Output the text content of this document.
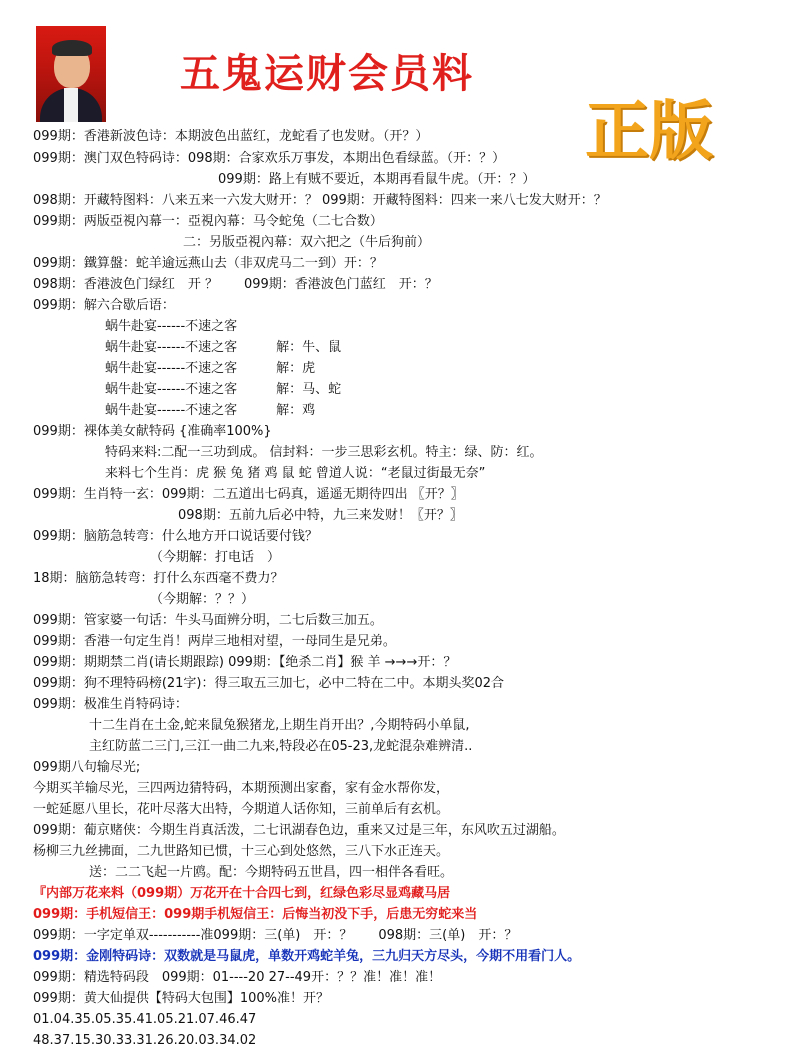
五鬼运财会员料
正版
099期：香港新波色诗：本期波色出蓝红，龙蛇看了也发财。（开？）
099期：澳门双色特码诗：098期：合家欢乐万事发，本期出色看绿蓝。（开：？）
099期：路上有贼不要近，本期再看鼠牛虎。（开：？）
098期：开藏特图料：八来五来一六发大财开：？ 099期：开藏特图料：四来一来八七发大财开：？
099期：两版亞視內幕一：亞視內幕：马令蛇兔（二七合数）
二：另版亞視內幕：双六把之（牛后狗前）
099期：鐵算盤：蛇羊逾远燕山去（非双虎马二一到）开：？
098期：香港波色门绿红　开 ？　　099期：香港波色门蓝红　开：？
099期：解六合歇后语：
蜗牛赴宴------不速之客
蜗牛赴宴------不速之客　　　解：牛、鼠
蜗牛赴宴------不速之客　　　解：虎
蜗牛赴宴------不速之客　　　解：马、蛇
蜗牛赴宴------不速之客　　　解：鸡
099期：裸体美女献特码 {准确率100%}
特码来料:二配一三功到成。 信封料：一步三思彩玄机。特主：绿、防：红。
来料七个生肖：虎 猴 兔 猪 鸡 鼠 蛇 曾道人说：“老鼠过街最无奈”
099期：生肖特一玄：099期：二五道出七码真，遥遥无期待四出 〖开？〗
098期：五前九后必中特，九三来发财！〖开？〗
099期：脑筋急转弯：什么地方开口说话要付钱？
（今期解：打电话　）
18期：脑筋急转弯：打什么东西毫不费力？
（今期解：？？）
099期：管家婆一句话：牛头马面辨分明，二七后数三加五。
099期：香港一句定生肖！两岸三地相对望，一母同生是兄弟。
099期：期期禁二肖(请长期跟踪) 099期：【绝杀二肖】猴 羊 →→→开：？
099期：狗不理特码榜(21字)：得三取五三加七，必中二特在二中。本期头奖02合
099期：极准生肖特码诗：
十二生肖在土金,蛇来鼠兔猴猪龙,上期生肖开出？,今期特码小单鼠,
主红防蓝二三门,三江一曲二九来,特段必在05-23,龙蛇混杂难辨清..
099期八句输尽光;
今期买羊输尽光，三四两边猜特码，本期预测出家畜，家有金水帮你发，
一蛇延愿八里长，花叶尽落大出特，今期道人话你知，三前单后有玄机。
099期：葡京赌侠：今期生肖真活泼，二七讯湖春色边，重来又过是三年，东风吹五过湖船。
杨柳三九丝拂面，二九世路知已惯，十三心到处悠然，三八下水正连天。
送：二二飞起一片鸥。配：今期特码五世昌，四一相伴各看旺。
『内部万花来料（099期）万花开在十合四七到，红绿色彩尽显鸡藏马居
099期：手机短信王：099期手机短信王：后悔当初没下手，后患无穷蛇来当
099期：一字定单双-----------准099期：三(单)　开：？　　098期：三(单)　开：？
099期：金刚特码诗：双数就是马鼠虎，单数开鸡蛇羊兔，三九归天方尽头，今期不用看门人。
099期：精选特码段　099期：01----20 27--49开：？？准！准！准！
099期：黄大仙提供【特码大包围】100%准！开？
01.04.35.05.35.41.05.21.07.46.47
48.37.15.30.33.31.26.20.03.34.02
